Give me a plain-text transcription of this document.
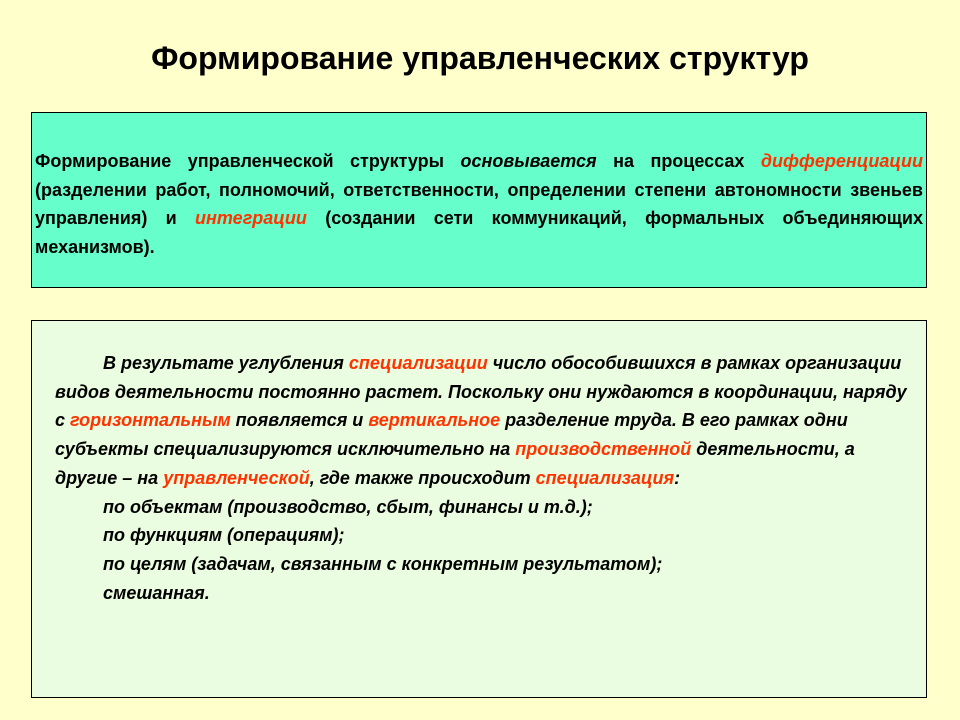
Формирование управленческих структур

Формирование управленческой структуры основывается на процессах дифференциации (разделении работ, полномочий, ответственности, определении степени автономности звеньев управления) и интеграции (создании сети коммуникаций, формальных объединяющих механизмов).

В результате углубления специализации число обособившихся в рамках организации видов деятельности постоянно растет. Поскольку они нуждаются в координации, наряду с горизонтальным появляется и вертикальное разделение труда. В его рамках одни субъекты специализируются исключительно на производственной деятельности, а другие – на управленческой, где также происходит специализация:

по объектам (производство, сбыт, финансы и т.д.);
по функциям (операциям);
по целям (задачам, связанным с конкретным результатом);
смешанная.
